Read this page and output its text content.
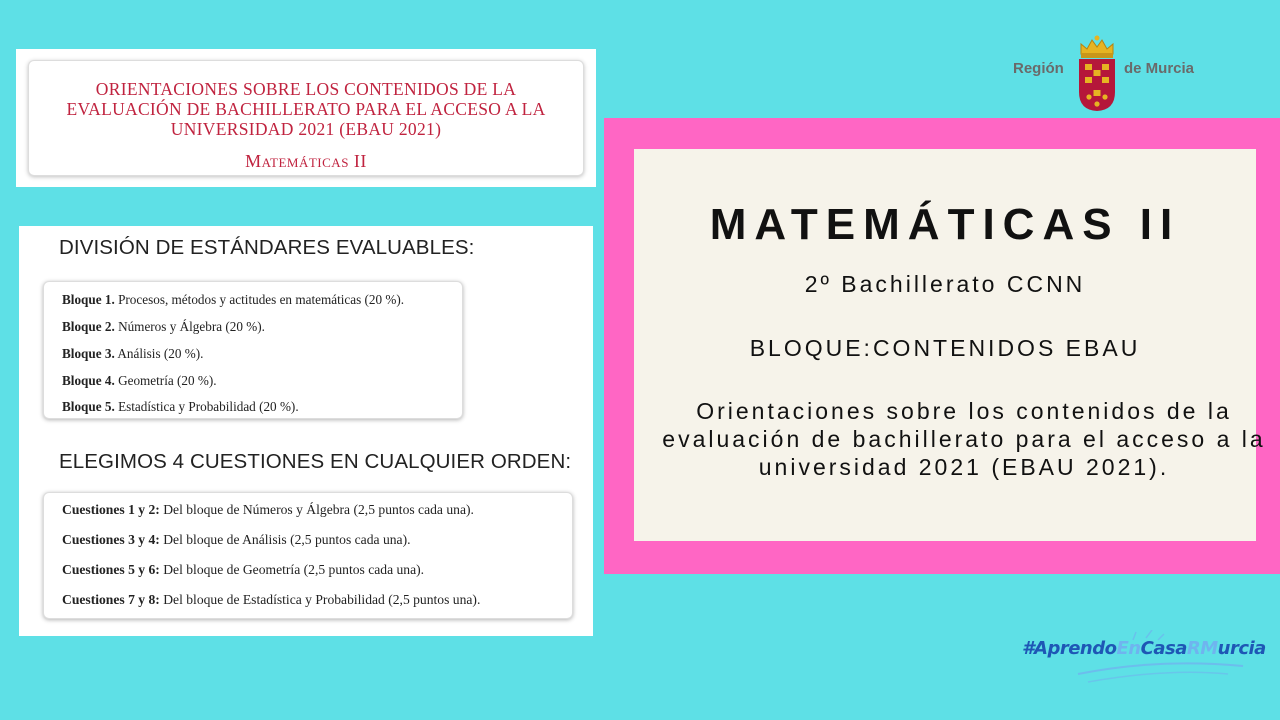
ORIENTACIONES SOBRE LOS CONTENIDOS DE LA EVALUACIÓN DE BACHILLERATO PARA EL ACCESO A LA UNIVERSIDAD 2021 (EBAU 2021)
Matemáticas II
DIVISIÓN DE ESTÁNDARES EVALUABLES:
Bloque 1. Procesos, métodos y actitudes en matemáticas (20 %).
Bloque 2. Números y Álgebra (20 %).
Bloque 3. Análisis (20 %).
Bloque 4. Geometría (20 %).
Bloque 5. Estadística y Probabilidad (20 %).
ELEGIMOS 4 CUESTIONES EN CUALQUIER ORDEN:
Cuestiones 1 y 2: Del bloque de Números y Álgebra (2,5 puntos cada una).
Cuestiones 3 y 4: Del bloque de Análisis (2,5 puntos cada una).
Cuestiones 5 y 6: Del bloque de Geometría (2,5 puntos cada una).
Cuestiones 7 y 8: Del bloque de Estadística y Probabilidad (2,5 puntos una).
Región	de Murcia
MATEMÁTICAS II
2º Bachillerato CCNN
BLOQUE:CONTENIDOS EBAU
Orientaciones sobre los contenidos de la evaluación de bachillerato para el acceso a la universidad 2021 (EBAU 2021).
#AprendoEnCasaRMurcia
